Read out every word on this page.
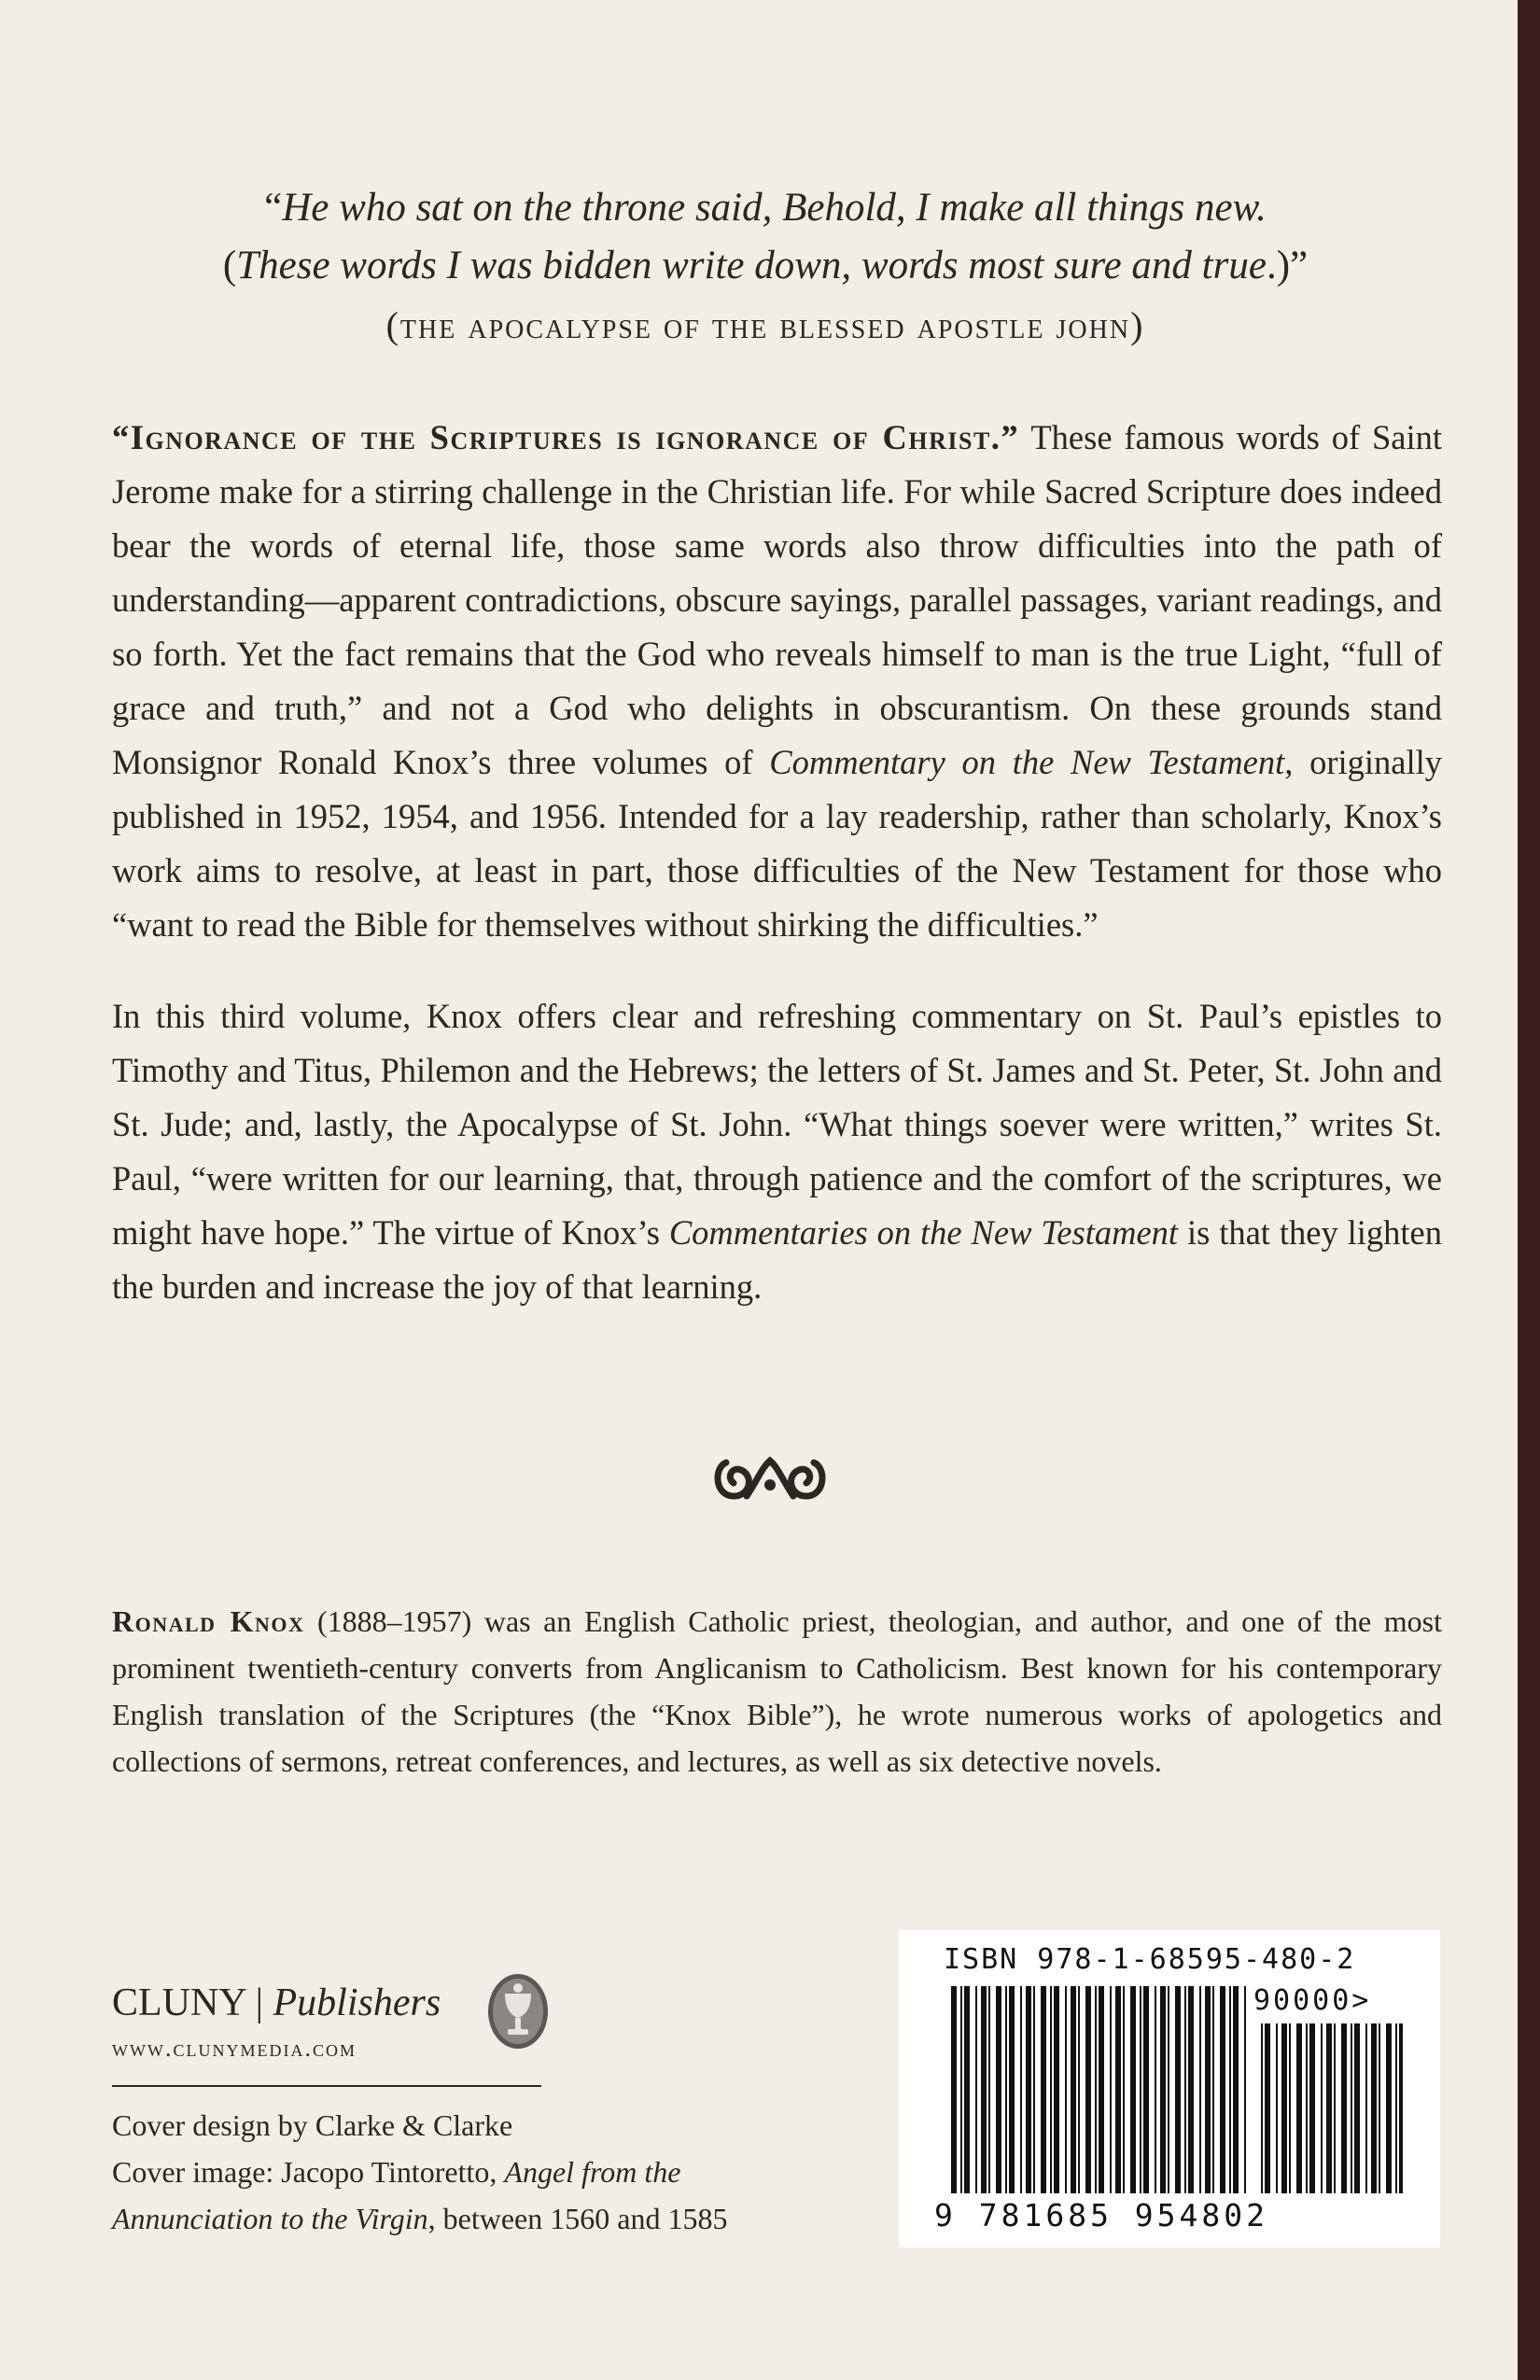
“He who sat on the throne said, Behold, I make all things new.
(These words I was bidden write down, words most sure and true.)”
(the apocalypse of the blessed apostle john)

“Ignorance of the Scriptures is ignorance of Christ.” These famous words of Saint Jerome make for a stirring challenge in the Christian life. For while Sacred Scripture does indeed bear the words of eternal life, those same words also throw difficulties into the path of understanding—apparent contradictions, obscure sayings, parallel passages, variant readings, and so forth. Yet the fact remains that the God who reveals himself to man is the true Light, “full of grace and truth,” and not a God who delights in obscurantism. On these grounds stand Monsignor Ronald Knox’s three volumes of Commentary on the New Testament, originally published in 1952, 1954, and 1956. Intended for a lay readership, rather than scholarly, Knox’s work aims to resolve, at least in part, those difficulties of the New Testament for those who “want to read the Bible for themselves without shirking the difficulties.”

In this third volume, Knox offers clear and refreshing commentary on St. Paul’s epistles to Timothy and Titus, Philemon and the Hebrews; the letters of St. James and St. Peter, St. John and St. Jude; and, lastly, the Apocalypse of St. John. “What things soever were written,” writes St. Paul, “were written for our learning, that, through patience and the comfort of the scriptures, we might have hope.” The virtue of Knox’s Commentaries on the New Testament is that they lighten the burden and increase the joy of that learning.

Ronald Knox (1888–1957) was an English Catholic priest, theologian, and author, and one of the most prominent twentieth-century converts from Anglicanism to Catholicism. Best known for his contemporary English translation of the Scriptures (the “Knox Bible”), he wrote numerous works of apologetics and collections of sermons, retreat conferences, and lectures, as well as six detective novels.
CLUNY | Publishers
www.clunymedia.com
Cover design by Clarke & Clarke
Cover image: Jacopo Tintoretto, Angel from the Annunciation to the Virgin, between 1560 and 1585
ISBN 978-1-68595-480-2
90000>
9 781685 954802
